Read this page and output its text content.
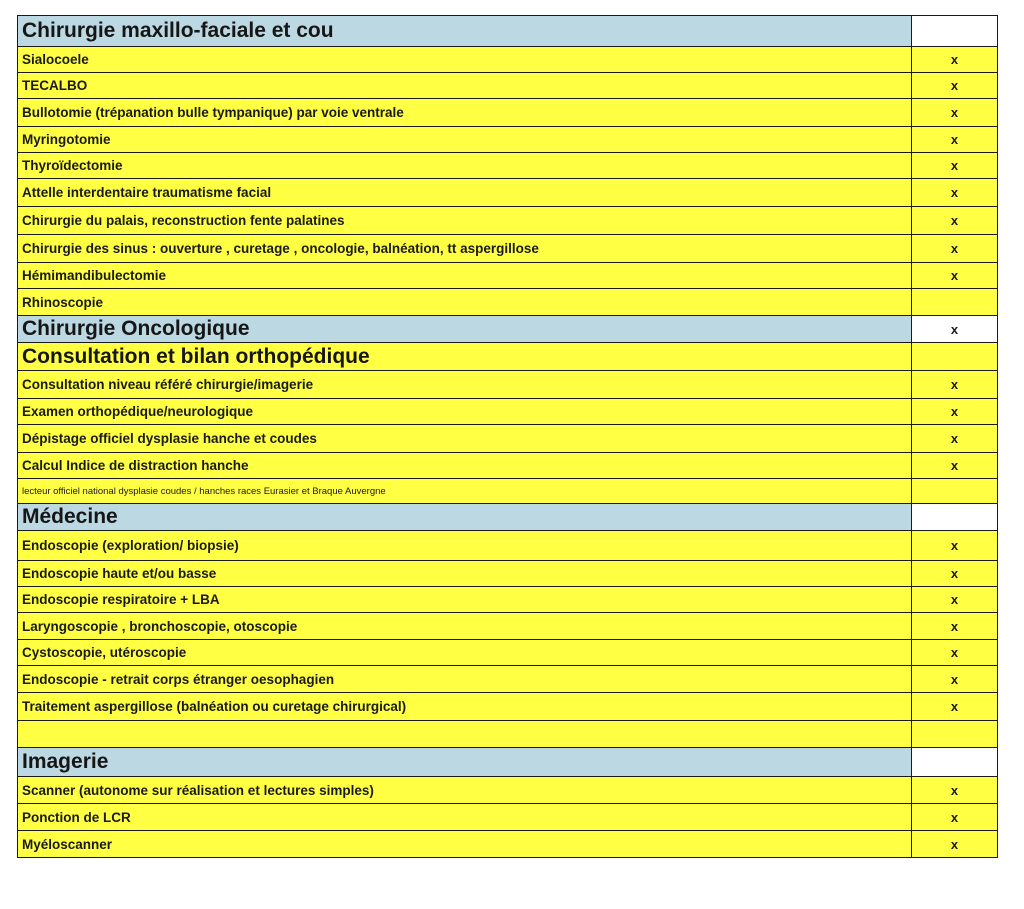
Chirurgie maxillo-faciale et cou	
Sialocoele	x
TECALBO	x
Bullotomie (trépanation bulle tympanique) par voie ventrale	x
Myringotomie	x
Thyroïdectomie	x
Attelle interdentaire traumatisme facial	x
Chirurgie du palais, reconstruction fente palatines	x
Chirurgie des sinus : ouverture , curetage , oncologie, balnéation, tt aspergillose	x
Hémimandibulectomie	x
Rhinoscopie	
Chirurgie Oncologique	x
Consultation et bilan orthopédique	
Consultation niveau référé chirurgie/imagerie	x
Examen orthopédique/neurologique	x
Dépistage officiel dysplasie hanche et coudes	x
Calcul Indice de distraction hanche	x
lecteur officiel national dysplasie coudes / hanches races Eurasier et Braque Auvergne	
Médecine	
Endoscopie (exploration/ biopsie)	x
Endoscopie haute et/ou basse	x
Endoscopie respiratoire + LBA	x
Laryngoscopie , bronchoscopie, otoscopie	x
Cystoscopie, utéroscopie	x
Endoscopie - retrait corps étranger oesophagien	x
Traitement aspergillose (balnéation ou curetage chirurgical)	x

Imagerie	
Scanner (autonome sur réalisation et lectures simples)	x
Ponction de LCR	x
Myéloscanner	x
